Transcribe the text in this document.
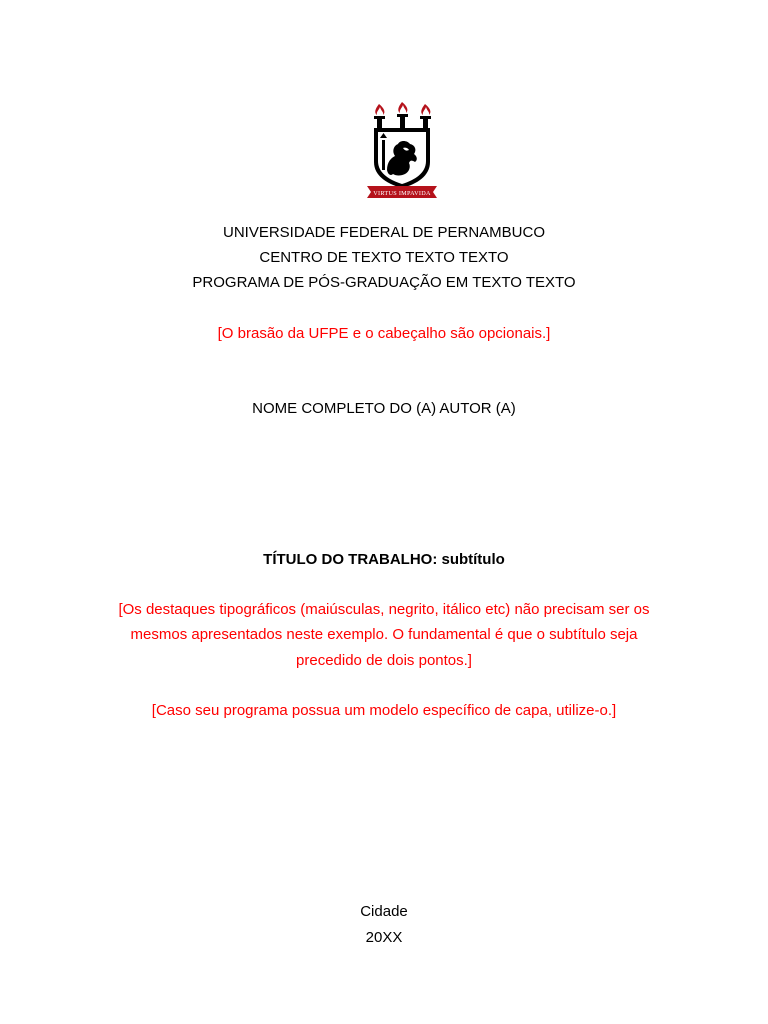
VIRTUS IMPAVIDA
UNIVERSIDADE FEDERAL DE PERNAMBUCO
CENTRO DE TEXTO TEXTO TEXTO
PROGRAMA DE PÓS-GRADUAÇÃO EM TEXTO TEXTO
[O brasão da UFPE e o cabeçalho são opcionais.]
NOME COMPLETO DO (A) AUTOR (A)
TÍTULO DO TRABALHO: subtítulo
[Os destaques tipográficos (maiúsculas, negrito, itálico etc) não precisam ser os
mesmos apresentados neste exemplo. O fundamental é que o subtítulo seja
precedido de dois pontos.]
[Caso seu programa possua um modelo específico de capa, utilize-o.]
Cidade
20XX
